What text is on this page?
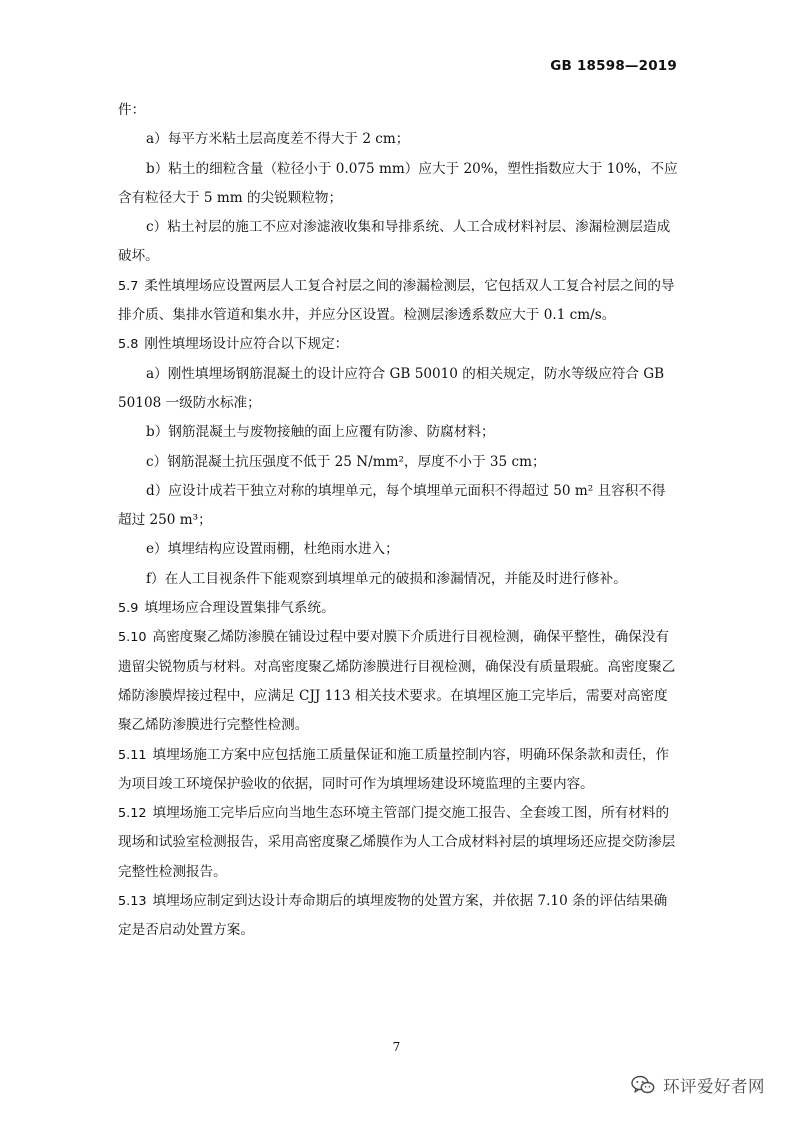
GB 18598—2019

件：

a）每平方米粘土层高度差不得大于 2 cm；

b）粘土的细粒含量（粒径小于 0.075 mm）应大于 20%，塑性指数应大于 10%，不应含有粒径大于 5 mm 的尖锐颗粒物；

c）粘土衬层的施工不应对渗滤液收集和导排系统、人工合成材料衬层、渗漏检测层造成破坏。

5.7 柔性填埋场应设置两层人工复合衬层之间的渗漏检测层，它包括双人工复合衬层之间的导排介质、集排水管道和集水井，并应分区设置。检测层渗透系数应大于 0.1 cm/s。

5.8 刚性填埋场设计应符合以下规定：

a）刚性填埋场钢筋混凝土的设计应符合 GB 50010 的相关规定，防水等级应符合 GB 50108 一级防水标准；

b）钢筋混凝土与废物接触的面上应覆有防渗、防腐材料；

c）钢筋混凝土抗压强度不低于 25 N/mm²，厚度不小于 35 cm；

d）应设计成若干独立对称的填埋单元，每个填埋单元面积不得超过 50 m² 且容积不得超过 250 m³；

e）填埋结构应设置雨棚，杜绝雨水进入；

f）在人工目视条件下能观察到填埋单元的破损和渗漏情况，并能及时进行修补。

5.9 填埋场应合理设置集排气系统。

5.10 高密度聚乙烯防渗膜在铺设过程中要对膜下介质进行目视检测，确保平整性，确保没有遗留尖锐物质与材料。对高密度聚乙烯防渗膜进行目视检测，确保没有质量瑕疵。高密度聚乙烯防渗膜焊接过程中，应满足 CJJ 113 相关技术要求。在填埋区施工完毕后，需要对高密度聚乙烯防渗膜进行完整性检测。

5.11 填埋场施工方案中应包括施工质量保证和施工质量控制内容，明确环保条款和责任，作为项目竣工环境保护验收的依据，同时可作为填埋场建设环境监理的主要内容。

5.12 填埋场施工完毕后应向当地生态环境主管部门提交施工报告、全套竣工图，所有材料的现场和试验室检测报告，采用高密度聚乙烯膜作为人工合成材料衬层的填埋场还应提交防渗层完整性检测报告。

5.13 填埋场应制定到达设计寿命期后的填埋废物的处置方案，并依据 7.10 条的评估结果确定是否启动处置方案。

7
环评爱好者网
